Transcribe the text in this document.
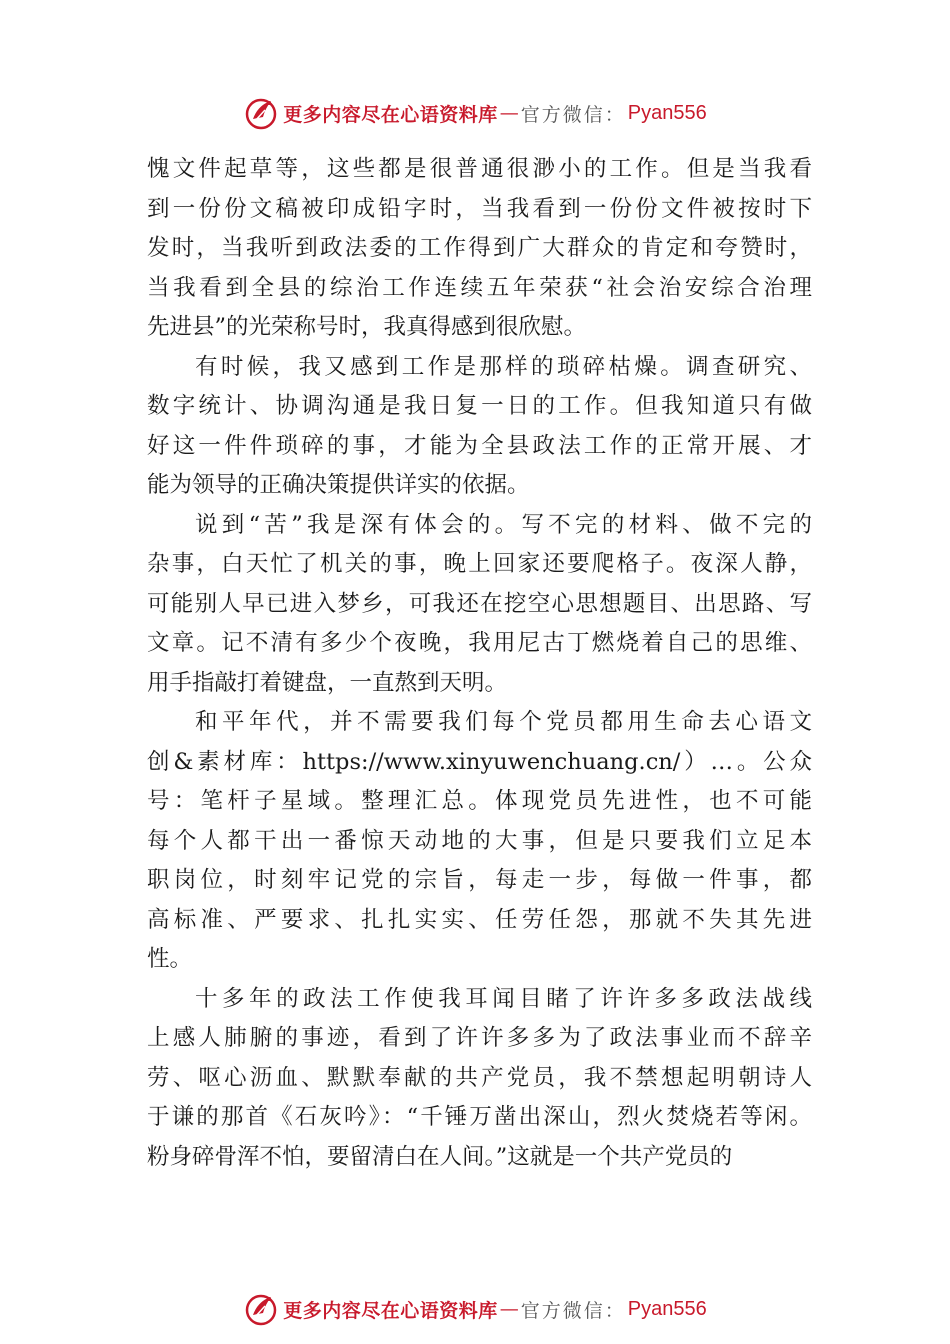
更多内容尽在心语资料库 — 官方微信： Pyan556
愧文件起草等，这些都是很普通很渺小的工作。但是当我看
到一份份文稿被印成铅字时，当我看到一份份文件被按时下
发时，当我听到政法委的工作得到广大群众的肯定和夸赞时，
当我看到全县的综治工作连续五年荣获“社会治安综合治理
先进县”的光荣称号时，我真得感到很欣慰。
有时候，我又感到工作是那样的琐碎枯燥。调查研究、
数字统计、协调沟通是我日复一日的工作。但我知道只有做
好这一件件琐碎的事，才能为全县政法工作的正常开展、才
能为领导的正确决策提供详实的依据。
说到“苦”我是深有体会的。写不完的材料、做不完的
杂事，白天忙了机关的事，晚上回家还要爬格子。夜深人静，
可能别人早已进入梦乡，可我还在挖空心思想题目、出思路、写
文章。记不清有多少个夜晚，我用尼古丁燃烧着自己的思维、
用手指敲打着键盘，一直熬到天明。
和平年代，并不需要我们每个党员都用生命去心语文
创&素材库：https://www.xinyuwenchuang.cn/）…。公众
号：笔杆子星域。整理汇总。体现党员先进性，也不可能
每个人都干出一番惊天动地的大事，但是只要我们立足本
职岗位，时刻牢记党的宗旨，每走一步，每做一件事，都
高标准、严要求、扎扎实实、任劳任怨，那就不失其先进
性。
十多年的政法工作使我耳闻目睹了许许多多政法战线
上感人肺腑的事迹，看到了许许多多为了政法事业而不辞辛
劳、呕心沥血、默默奉献的共产党员，我不禁想起明朝诗人
于谦的那首《石灰吟》：“千锤万凿出深山，烈火焚烧若等闲。
粉身碎骨浑不怕，要留清白在人间。”这就是一个共产党员的
更多内容尽在心语资料库 — 官方微信： Pyan556
